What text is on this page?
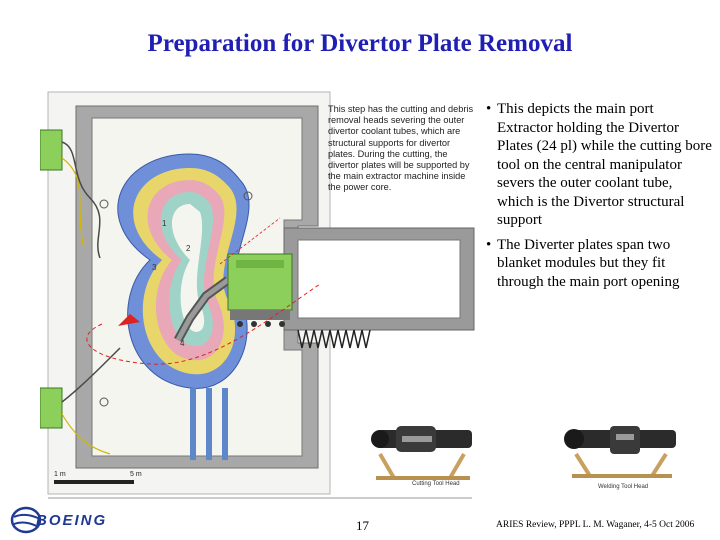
Preparation for Divertor Plate Removal
1
2
3
4
1 m	5 m

This step has the cutting and debris removal heads severing the outer divertor coolant tubes, which are structural supports for divertor plates. During the cutting, the divertor plates will be supported by the main extractor machine inside the power core.

• This depicts the main port Extractor holding the Divertor Plates (24 pl) while the cutting bore tool on the central manipulator severs the outer coolant tube, which is the Divertor structural support
• The Diverter plates span two blanket modules but they fit through the main port opening
Cutting Tool Head	Welding Tool Head
BOEING	17	ARIES Review, PPPL L. M. Waganer, 4-5 Oct 2006
